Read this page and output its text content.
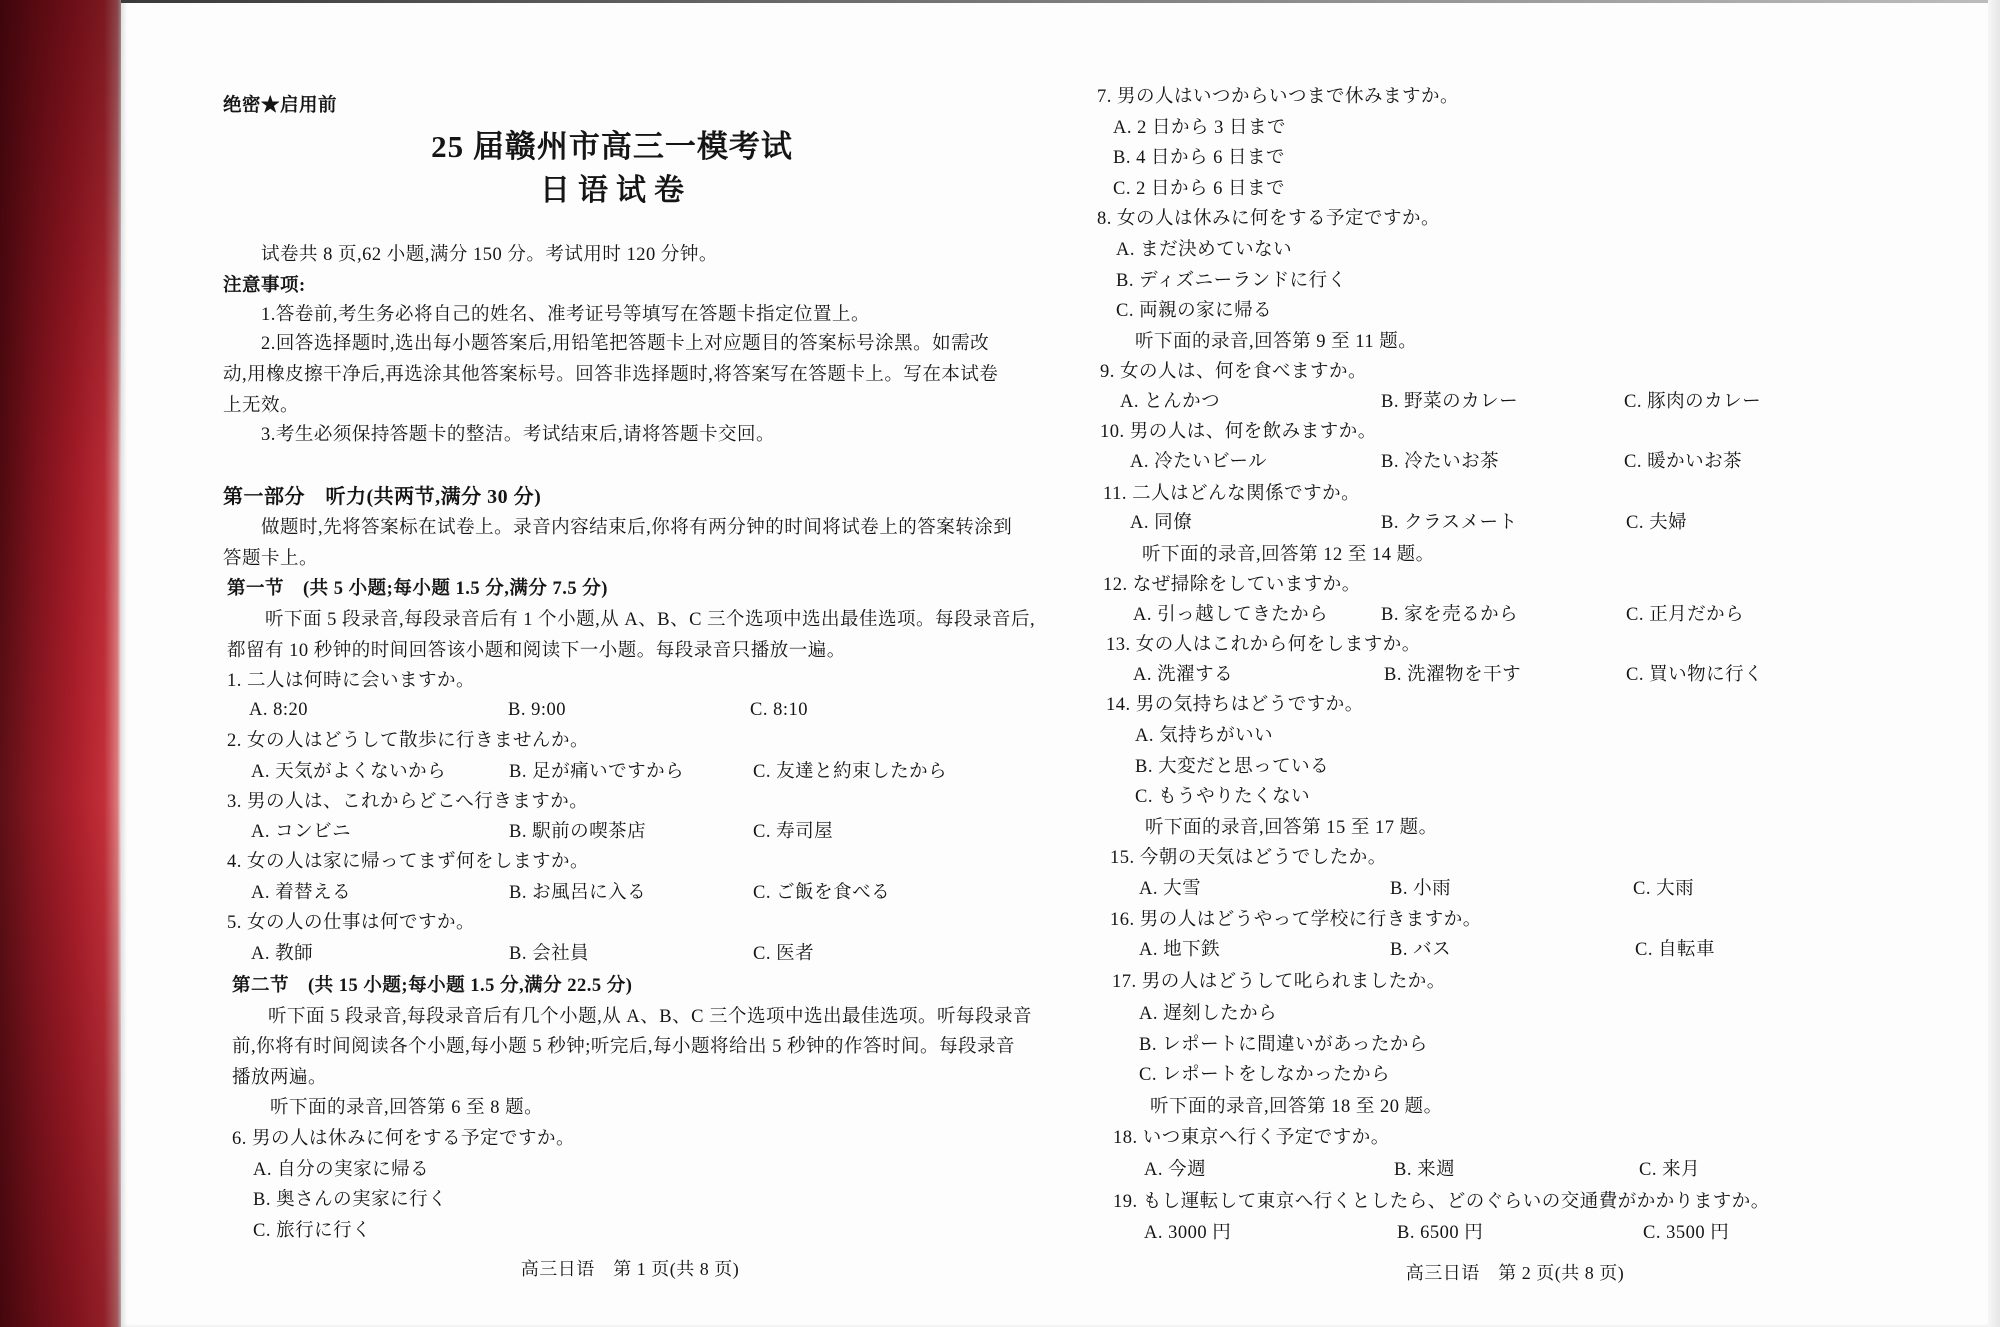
绝密★启用前
25 届赣州市高三一模考试
日语试卷
试卷共 8 页,62 小题,满分 150 分。考试用时 120 分钟。
注意事项:
1.答卷前,考生务必将自己的姓名、准考证号等填写在答题卡指定位置上。
2.回答选择题时,选出每小题答案后,用铅笔把答题卡上对应题目的答案标号涂黑。如需改
动,用橡皮擦干净后,再选涂其他答案标号。回答非选择题时,将答案写在答题卡上。写在本试卷
上无效。
3.考生必须保持答题卡的整洁。考试结束后,请将答题卡交回。
第一部分　听力(共两节,满分 30 分)
做题时,先将答案标在试卷上。录音内容结束后,你将有两分钟的时间将试卷上的答案转涂到
答题卡上。
第一节　(共 5 小题;每小题 1.5 分,满分 7.5 分)
听下面 5 段录音,每段录音后有 1 个小题,从 A、B、C 三个选项中选出最佳选项。每段录音后,
都留有 10 秒钟的时间回答该小题和阅读下一小题。每段录音只播放一遍。
1. 二人は何時に会いますか。
A. 8:20	B. 9:00	C. 8:10
2. 女の人はどうして散歩に行きませんか。
A. 天気がよくないから	B. 足が痛いですから	C. 友達と約束したから
3. 男の人は、これからどこへ行きますか。
A. コンビニ	B. 駅前の喫茶店	C. 寿司屋
4. 女の人は家に帰ってまず何をしますか。
A. 着替える	B. お風呂に入る	C. ご飯を食べる
5. 女の人の仕事は何ですか。
A. 教師	B. 会社員	C. 医者
第二节　(共 15 小题;每小题 1.5 分,满分 22.5 分)
听下面 5 段录音,每段录音后有几个小题,从 A、B、C 三个选项中选出最佳选项。听每段录音
前,你将有时间阅读各个小题,每小题 5 秒钟;听完后,每小题将给出 5 秒钟的作答时间。每段录音
播放两遍。
听下面的录音,回答第 6 至 8 题。
6. 男の人は休みに何をする予定ですか。
A. 自分の実家に帰る
B. 奥さんの実家に行く
C. 旅行に行く
高三日语　第 1 页(共 8 页)
7. 男の人はいつからいつまで休みますか。
A. 2 日から 3 日まで
B. 4 日から 6 日まで
C. 2 日から 6 日まで
8. 女の人は休みに何をする予定ですか。
A. まだ決めていない
B. ディズニーランドに行く
C. 両親の家に帰る
听下面的录音,回答第 9 至 11 题。
9. 女の人は、何を食べますか。
A. とんかつ	B. 野菜のカレー	C. 豚肉のカレー
10. 男の人は、何を飲みますか。
A. 冷たいビール	B. 冷たいお茶	C. 暖かいお茶
11. 二人はどんな関係ですか。
A. 同僚	B. クラスメート	C. 夫婦
听下面的录音,回答第 12 至 14 题。
12. なぜ掃除をしていますか。
A. 引っ越してきたから	B. 家を売るから	C. 正月だから
13. 女の人はこれから何をしますか。
A. 洗濯する	B. 洗濯物を干す	C. 買い物に行く
14. 男の気持ちはどうですか。
A. 気持ちがいい
B. 大変だと思っている
C. もうやりたくない
听下面的录音,回答第 15 至 17 题。
15. 今朝の天気はどうでしたか。
A. 大雪	B. 小雨	C. 大雨
16. 男の人はどうやって学校に行きますか。
A. 地下鉄	B. バス	C. 自転車
17. 男の人はどうして叱られましたか。
A. 遅刻したから
B. レポートに間違いがあったから
C. レポートをしなかったから
听下面的录音,回答第 18 至 20 题。
18. いつ東京へ行く予定ですか。
A. 今週	B. 来週	C. 来月
19. もし運転して東京へ行くとしたら、どのぐらいの交通費がかかりますか。
A. 3000 円	B. 6500 円	C. 3500 円
高三日语　第 2 页(共 8 页)
